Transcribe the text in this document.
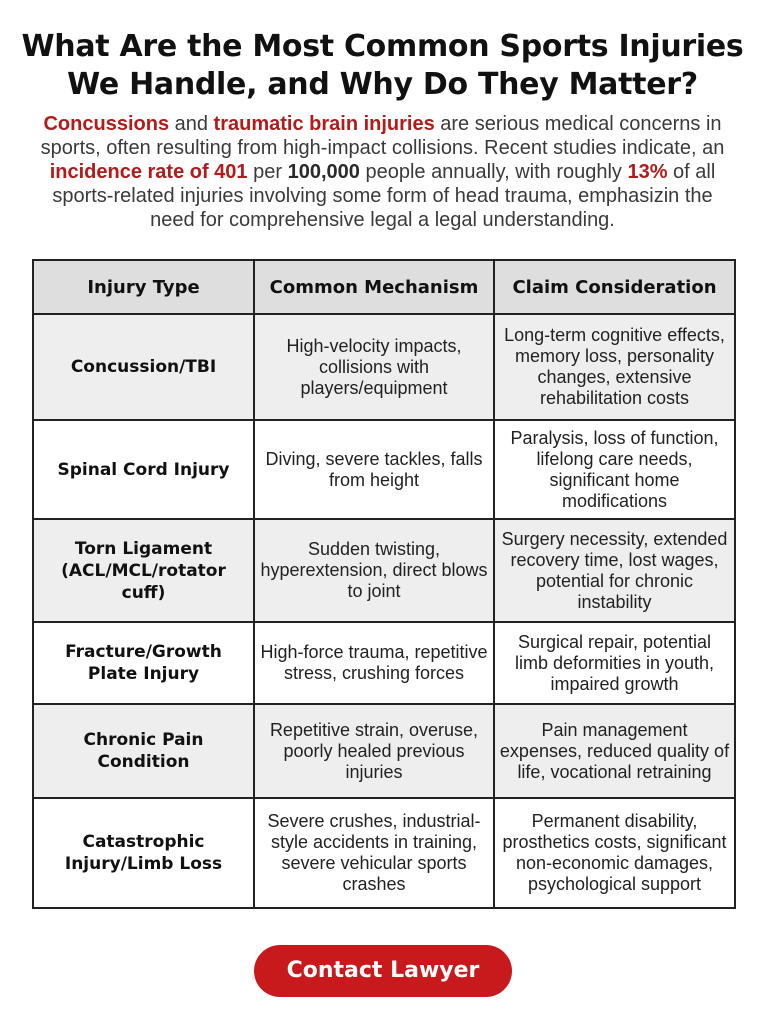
What Are the Most Common Sports Injuries
We Handle, and Why Do They Matter?

Concussions and traumatic brain injuries are serious medical concerns in sports, often resulting from high-impact collisions. Recent studies indicate, an incidence rate of 401 per 100,000 people annually, with roughly 13% of all sports-related injuries involving some form of head trauma, emphasizin the need for comprehensive legal a legal understanding.

Injury Type	Common Mechanism	Claim Consideration
Concussion/TBI	High-velocity impacts, collisions with players/equipment	Long-term cognitive effects, memory loss, personality changes, extensive rehabilitation costs
Spinal Cord Injury	Diving, severe tackles, falls from height	Paralysis, loss of function, lifelong care needs, significant home modifications
Torn Ligament (ACL/MCL/rotator cuff)	Sudden twisting, hyperextension, direct blows to joint	Surgery necessity, extended recovery time, lost wages, potential for chronic instability
Fracture/Growth Plate Injury	High-force trauma, repetitive stress, crushing forces	Surgical repair, potential limb deformities in youth, impaired growth
Chronic Pain Condition	Repetitive strain, overuse, poorly healed previous injuries	Pain management expenses, reduced quality of life, vocational retraining
Catastrophic Injury/Limb Loss	Severe crushes, industrial-style accidents in training, severe vehicular sports crashes	Permanent disability, prosthetics costs, significant non-economic damages, psychological support
Contact Lawyer
